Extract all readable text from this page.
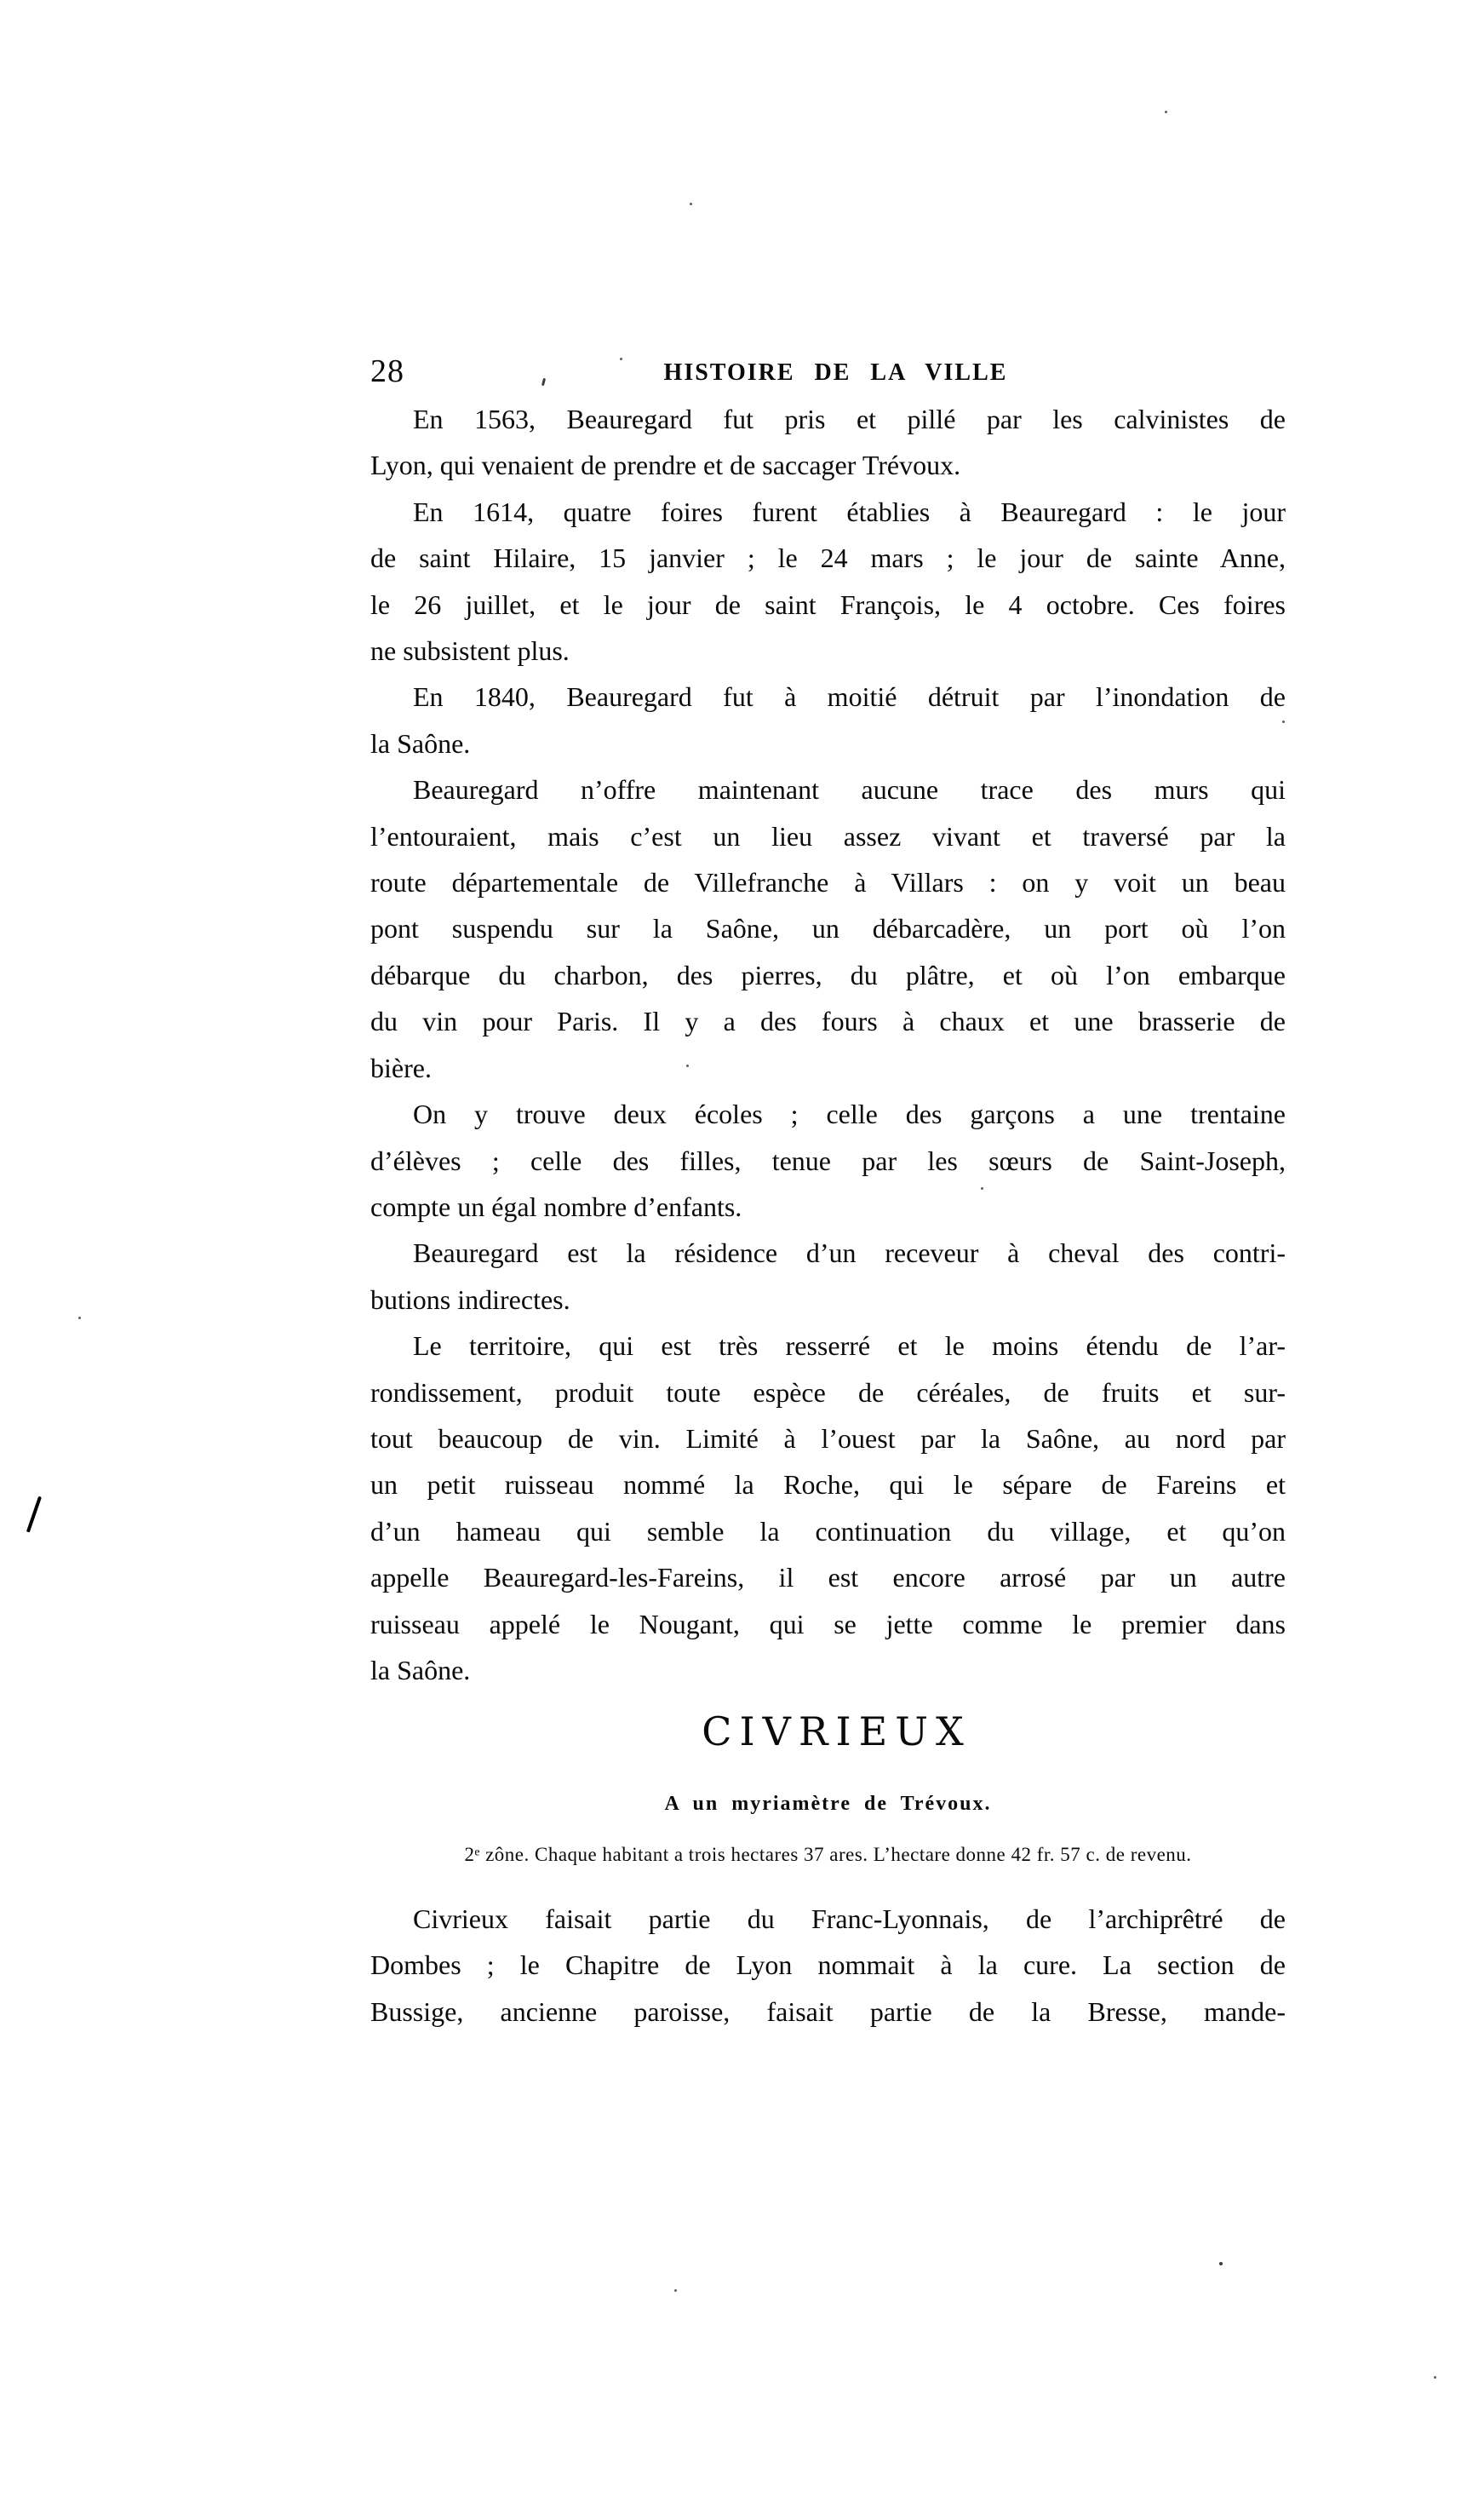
28	HISTOIRE DE LA VILLE
En 1563, Beauregard fut pris et pillé par les calvinistes de
Lyon, qui venaient de prendre et de saccager Trévoux.
En 1614, quatre foires furent établies à Beauregard : le jour
de saint Hilaire, 15 janvier ; le 24 mars ; le jour de sainte Anne,
le 26 juillet, et le jour de saint François, le 4 octobre. Ces foires
ne subsistent plus.
En 1840, Beauregard fut à moitié détruit par l’inondation de
la Saône.
Beauregard n’offre maintenant aucune trace des murs qui
l’entouraient, mais c’est un lieu assez vivant et traversé par la
route départementale de Villefranche à Villars : on y voit un beau
pont suspendu sur la Saône, un débarcadère, un port où l’on
débarque du charbon, des pierres, du plâtre, et où l’on embarque
du vin pour Paris. Il y a des fours à chaux et une brasserie de
bière.
On y trouve deux écoles ; celle des garçons a une trentaine
d’élèves ; celle des filles, tenue par les sœurs de Saint-Joseph,
compte un égal nombre d’enfants.
Beauregard est la résidence d’un receveur à cheval des contri-
butions indirectes.
Le territoire, qui est très resserré et le moins étendu de l’ar-
rondissement, produit toute espèce de céréales, de fruits et sur-
tout beaucoup de vin. Limité à l’ouest par la Saône, au nord par
un petit ruisseau nommé la Roche, qui le sépare de Fareins et
d’un hameau qui semble la continuation du village, et qu’on
appelle Beauregard-les-Fareins, il est encore arrosé par un autre
ruisseau appelé le Nougant, qui se jette comme le premier dans
la Saône.
CIVRIEUX
A un myriamètre de Trévoux.
2ᵉ zône. Chaque habitant a trois hectares 37 ares. L’hectare donne 42 fr. 57 c. de revenu.
Civrieux faisait partie du Franc-Lyonnais, de l’archiprêtré de
Dombes ; le Chapitre de Lyon nommait à la cure. La section de
Bussige, ancienne paroisse, faisait partie de la Bresse, mande-
